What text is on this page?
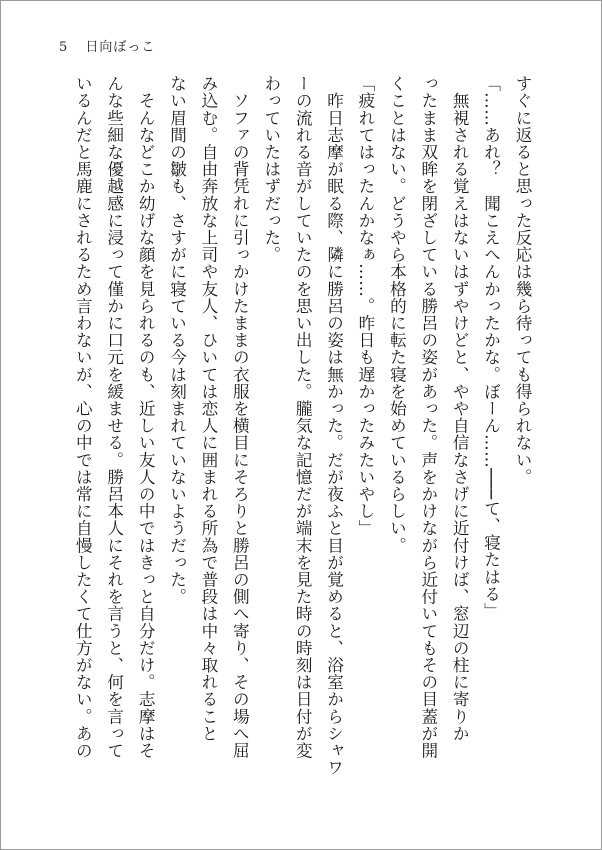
5 日向ぼっこ

すぐに返ると思った反応は幾ら待っても得られない。

「……あれ？　聞こえへんかったかな。ぼーん……───て、寝たはる」

　無視される覚えはないはずやけどと、やや自信なさげに近付けば、窓辺の柱に寄りか

ったまま双眸を閉ざしている勝呂の姿があった。声をかけながら近付いてもその目蓋が開

くことはない。どうやら本格的に転た寝を始めているらしい。

「疲れてはったんかなぁ……。昨日も遅かったみたいやし」

　昨日志摩が眠る際、隣に勝呂の姿は無かった。だが夜ふと目が覚めると、浴室からシャワ

ーの流れる音がしていたのを思い出した。朧気な記憶だが端末を見た時の時刻は日付が変

わっていたはずだった。

　ソファの背凭れに引っかけたままの衣服を横目にそろりと勝呂の側へ寄り、その場へ屈

み込む。自由奔放な上司や友人、ひいては恋人に囲まれる所為で普段は中々取れること

ない眉間の皺も、さすがに寝ている今は刻まれていないようだった。

　そんなどこか幼げな顔を見られるのも、近しい友人の中ではきっと自分だけ。志摩はそ

んな些細な優越感に浸って僅かに口元を緩ませる。勝呂本人にそれを言うと、何を言って

いるんだと馬鹿にされるため言わないが、心の中では常に自慢したくて仕方がない。あの
